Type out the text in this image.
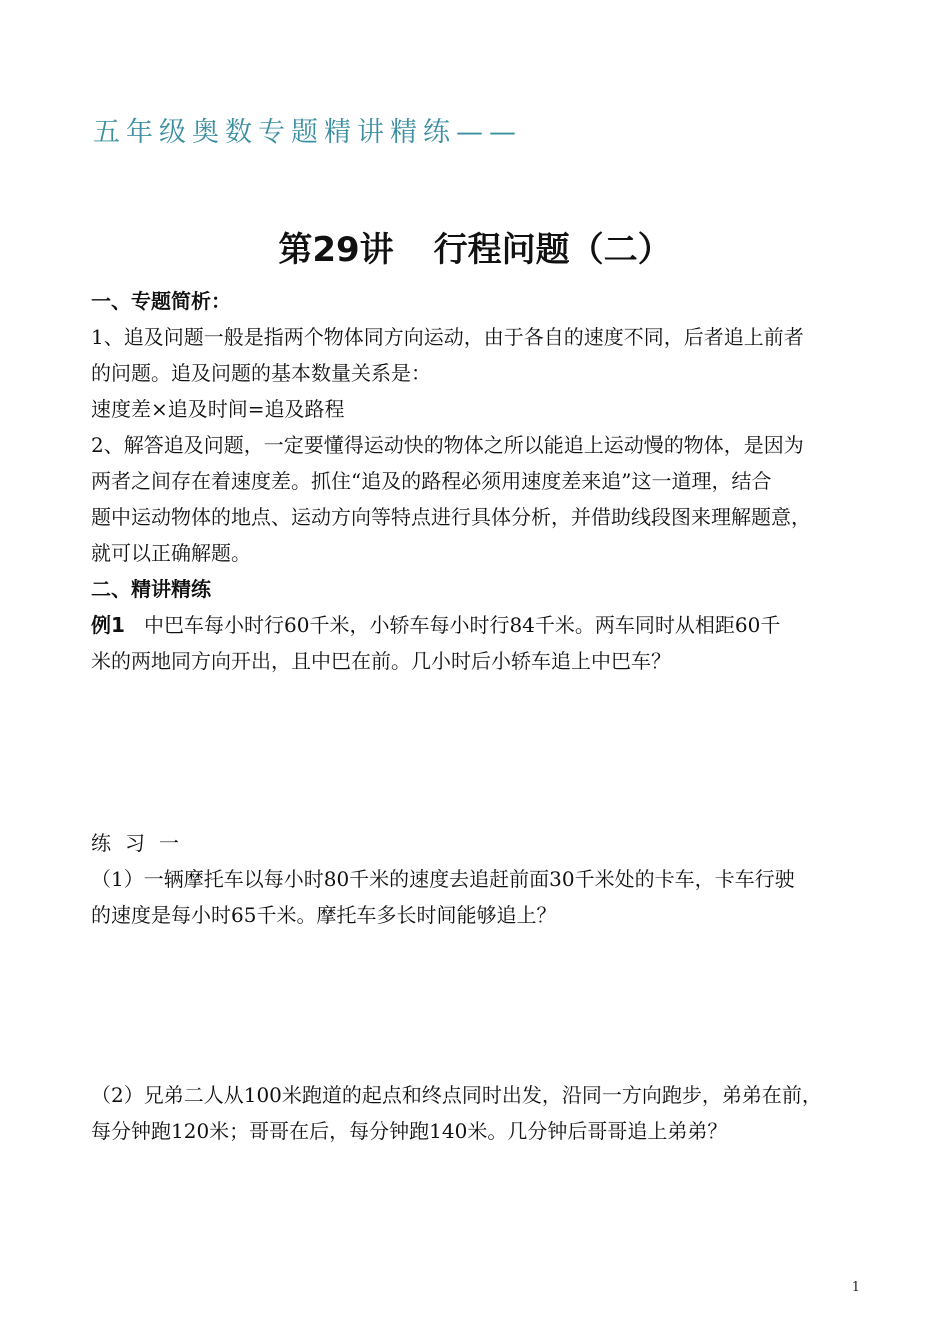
五年级奥数专题精讲精练——
第29讲 行程问题（二）
一、专题简析：
1、追及问题一般是指两个物体同方向运动，由于各自的速度不同，后者追上前者
的问题。追及问题的基本数量关系是：
速度差×追及时间=追及路程
2、解答追及问题，一定要懂得运动快的物体之所以能追上运动慢的物体，是因为
两者之间存在着速度差。抓住“追及的路程必须用速度差来追”这一道理，结合
题中运动物体的地点、运动方向等特点进行具体分析，并借助线段图来理解题意，
就可以正确解题。
二、精讲精练
例1 中巴车每小时行60千米，小轿车每小时行84千米。两车同时从相距60千
米的两地同方向开出，且中巴在前。几小时后小轿车追上中巴车？
练习一
（1）一辆摩托车以每小时80千米的速度去追赶前面30千米处的卡车，卡车行驶
的速度是每小时65千米。摩托车多长时间能够追上？
（2）兄弟二人从100米跑道的起点和终点同时出发，沿同一方向跑步，弟弟在前，
每分钟跑120米；哥哥在后，每分钟跑140米。几分钟后哥哥追上弟弟？
1
